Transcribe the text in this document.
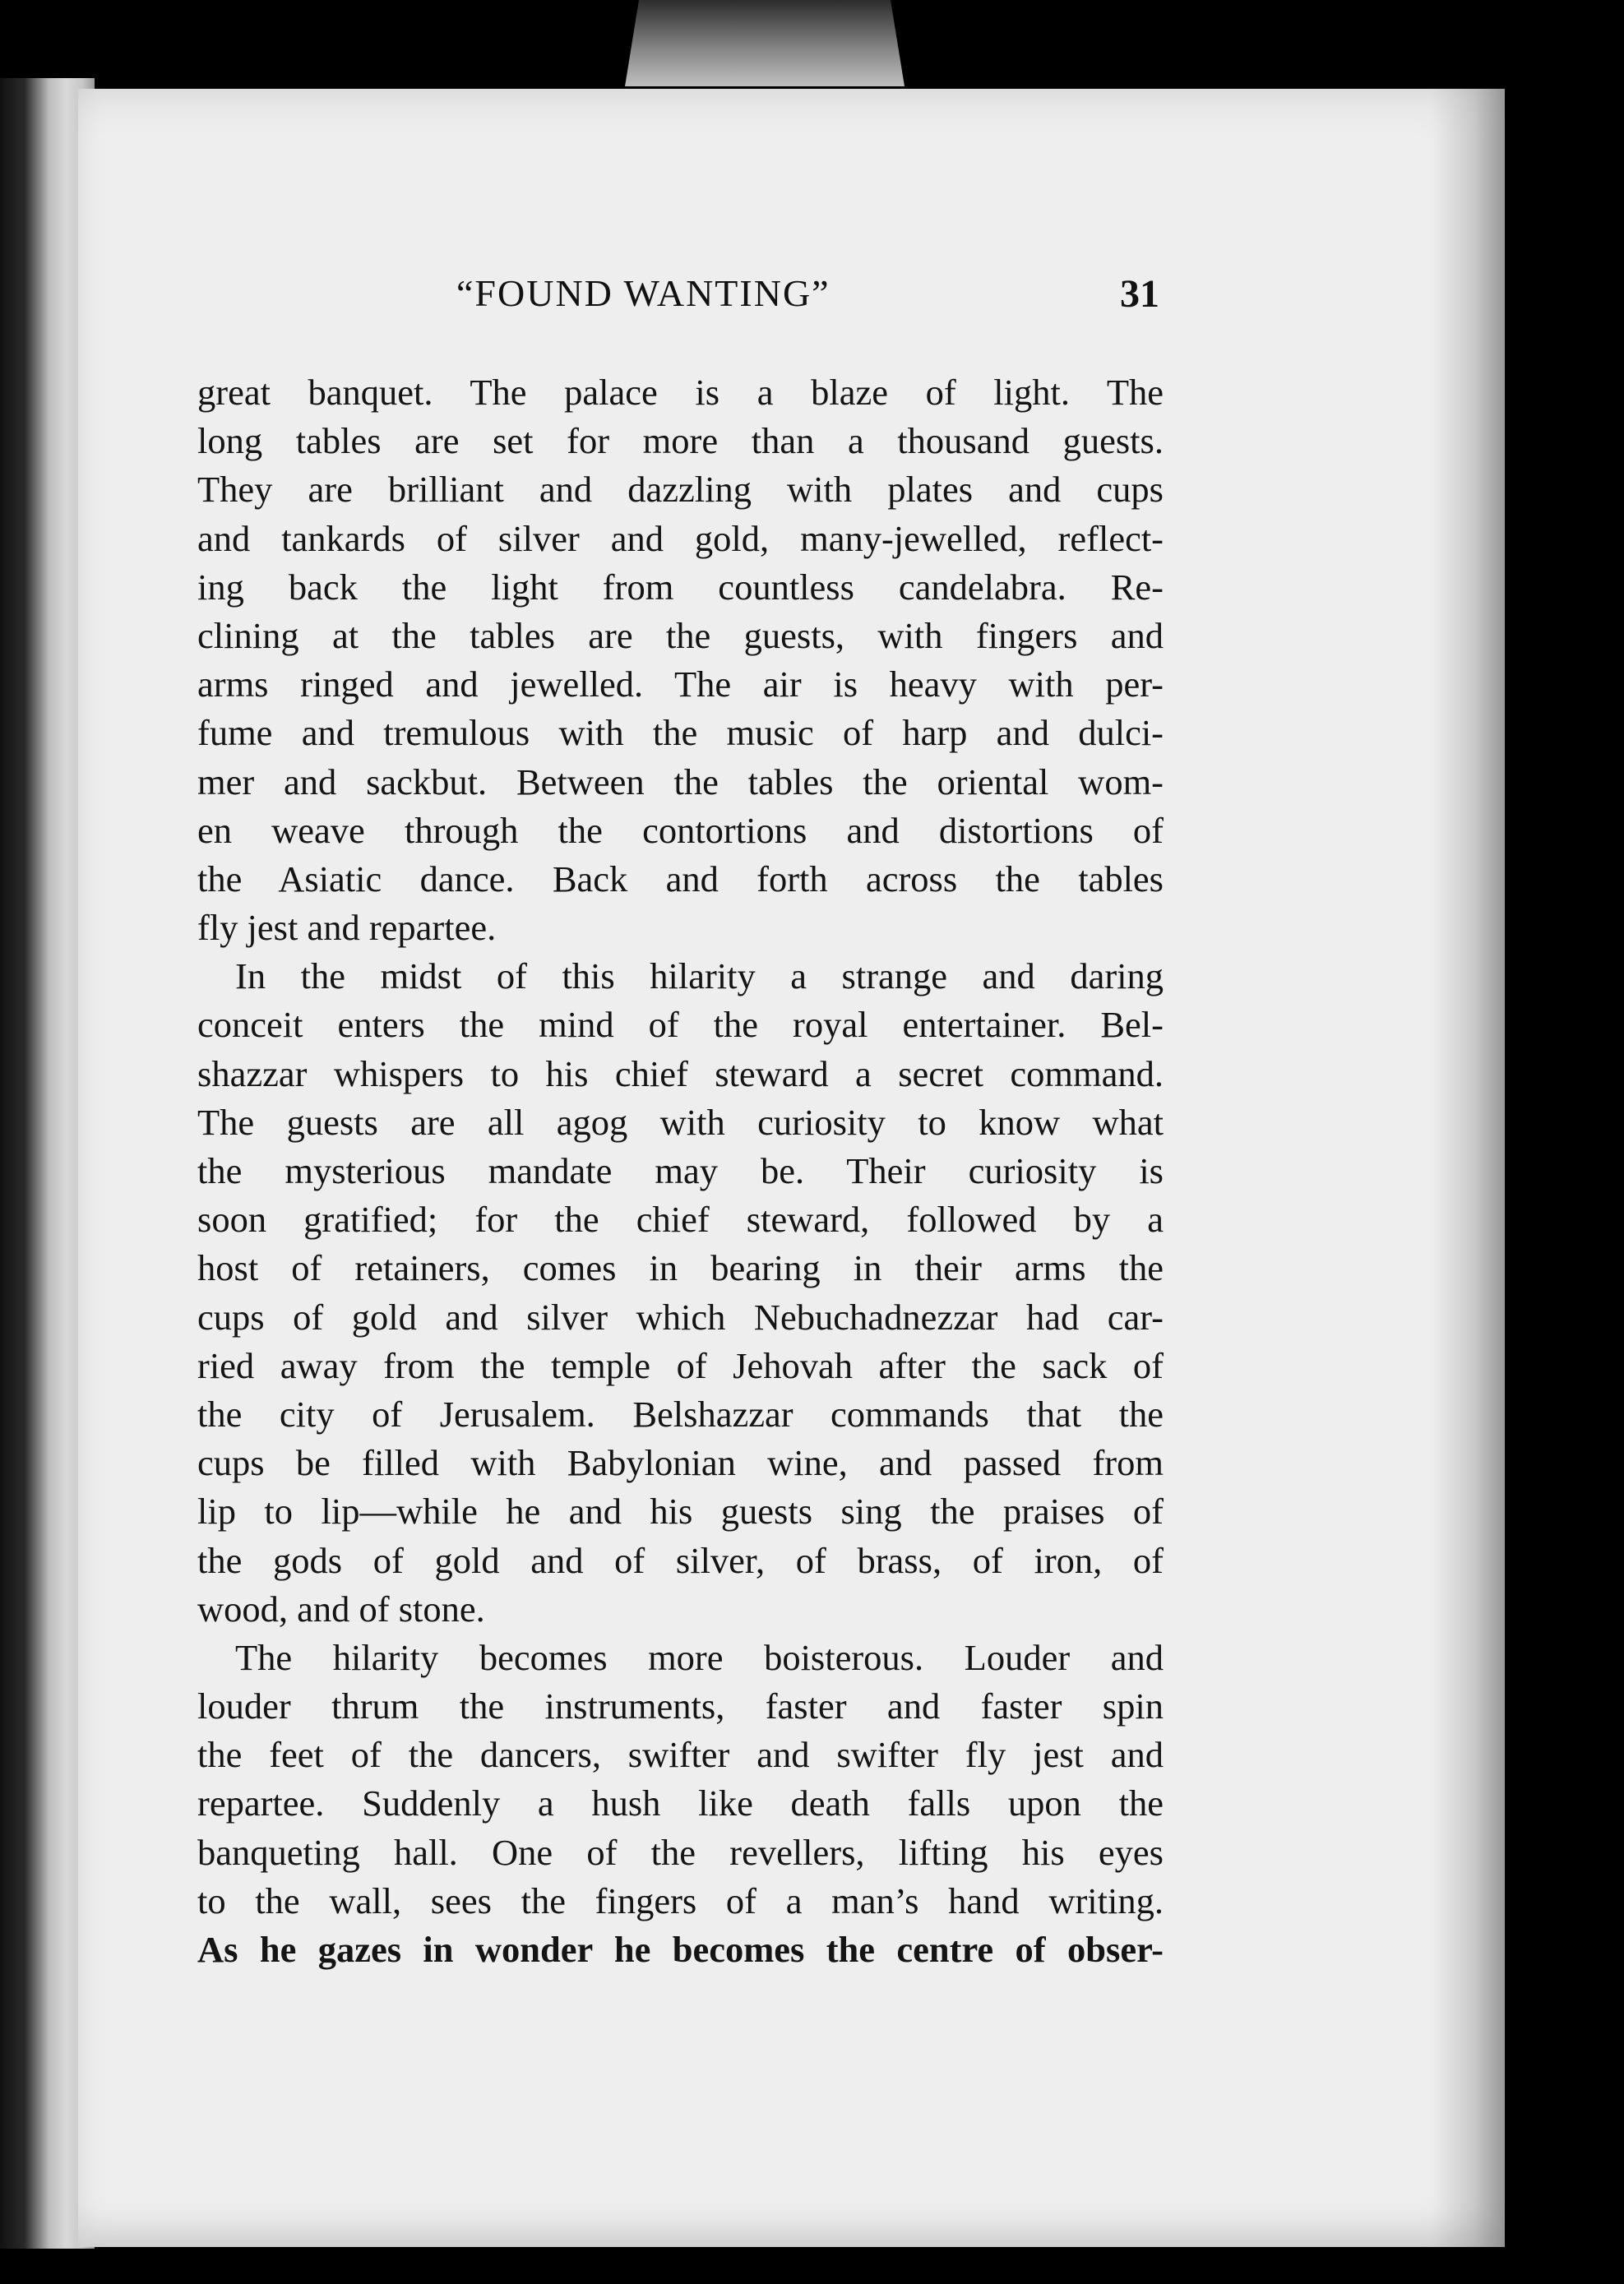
“FOUND WANTING”	31
great banquet. The palace is a blaze of light. The
long tables are set for more than a thousand guests.
They are brilliant and dazzling with plates and cups
and tankards of silver and gold, many-jewelled, reflect-
ing back the light from countless candelabra. Re-
clining at the tables are the guests, with fingers and
arms ringed and jewelled. The air is heavy with per-
fume and tremulous with the music of harp and dulci-
mer and sackbut. Between the tables the oriental wom-
en weave through the contortions and distortions of
the Asiatic dance. Back and forth across the tables
fly jest and repartee.
In the midst of this hilarity a strange and daring
conceit enters the mind of the royal entertainer. Bel-
shazzar whispers to his chief steward a secret command.
The guests are all agog with curiosity to know what
the mysterious mandate may be. Their curiosity is
soon gratified; for the chief steward, followed by a
host of retainers, comes in bearing in their arms the
cups of gold and silver which Nebuchadnezzar had car-
ried away from the temple of Jehovah after the sack of
the city of Jerusalem. Belshazzar commands that the
cups be filled with Babylonian wine, and passed from
lip to lip—while he and his guests sing the praises of
the gods of gold and of silver, of brass, of iron, of
wood, and of stone.
The hilarity becomes more boisterous. Louder and
louder thrum the instruments, faster and faster spin
the feet of the dancers, swifter and swifter fly jest and
repartee. Suddenly a hush like death falls upon the
banqueting hall. One of the revellers, lifting his eyes
to the wall, sees the fingers of a man’s hand writing.
As he gazes in wonder he becomes the centre of obser-
